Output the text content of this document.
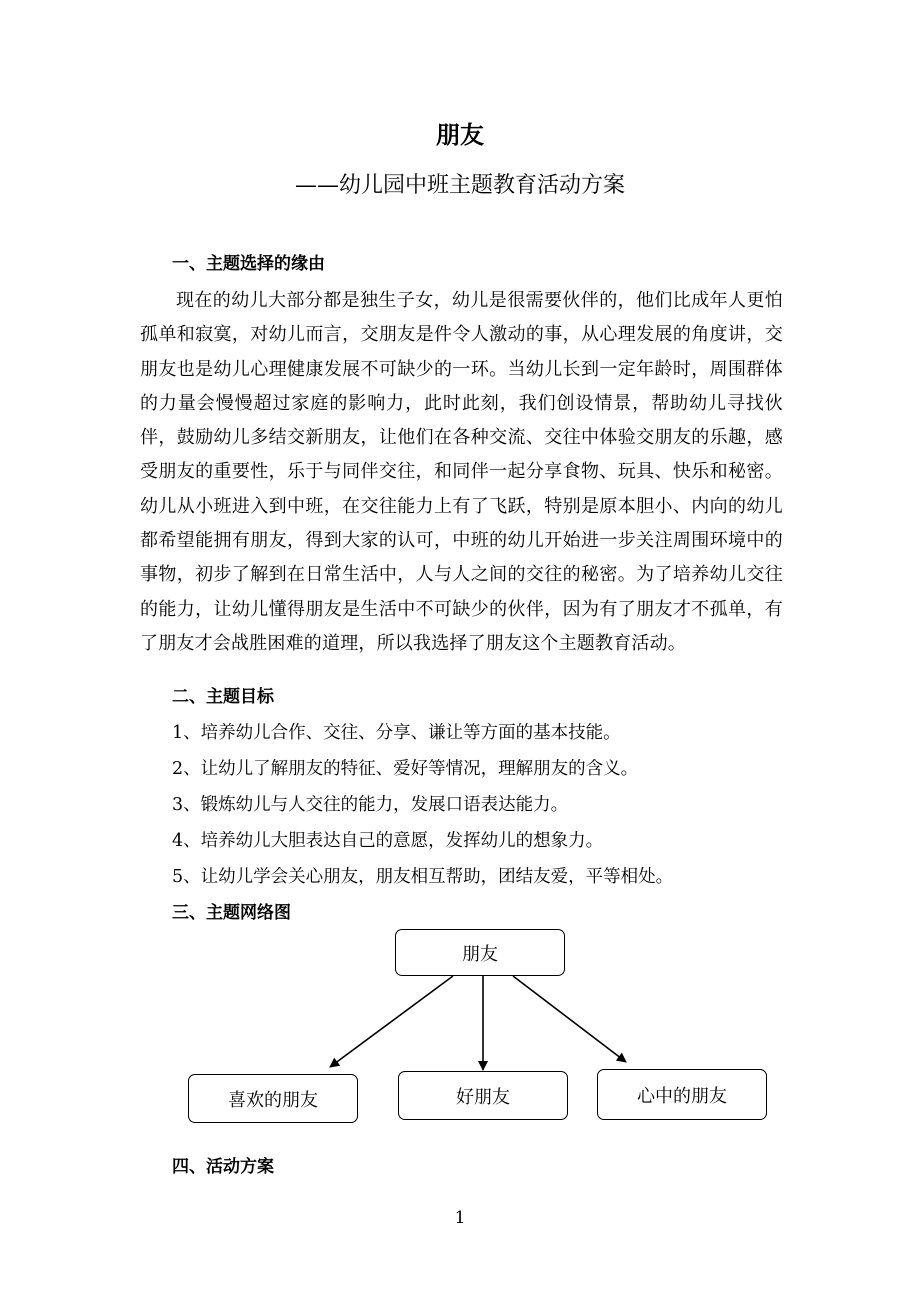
朋友
——幼儿园中班主题教育活动方案
一、主题选择的缘由
现在的幼儿大部分都是独生子女，幼儿是很需要伙伴的，他们比成年人更怕孤单和寂寞，对幼儿而言，交朋友是件令人激动的事，从心理发展的角度讲，交朋友也是幼儿心理健康发展不可缺少的一环。当幼儿长到一定年龄时，周围群体的力量会慢慢超过家庭的影响力，此时此刻，我们创设情景，帮助幼儿寻找伙伴，鼓励幼儿多结交新朋友，让他们在各种交流、交往中体验交朋友的乐趣，感受朋友的重要性，乐于与同伴交往，和同伴一起分享食物、玩具、快乐和秘密。幼儿从小班进入到中班，在交往能力上有了飞跃，特别是原本胆小、内向的幼儿都希望能拥有朋友，得到大家的认可，中班的幼儿开始进一步关注周围环境中的事物，初步了解到在日常生活中，人与人之间的交往的秘密。为了培养幼儿交往的能力，让幼儿懂得朋友是生活中不可缺少的伙伴，因为有了朋友才不孤单，有了朋友才会战胜困难的道理，所以我选择了朋友这个主题教育活动。
二、主题目标
1、培养幼儿合作、交往、分享、谦让等方面的基本技能。
2、让幼儿了解朋友的特征、爱好等情况，理解朋友的含义。
3、锻炼幼儿与人交往的能力，发展口语表达能力。
4、培养幼儿大胆表达自己的意愿，发挥幼儿的想象力。
5、让幼儿学会关心朋友，朋友相互帮助，团结友爱，平等相处。
三、主题网络图
朋友
喜欢的朋友	好朋友	心中的朋友
四、活动方案
1
